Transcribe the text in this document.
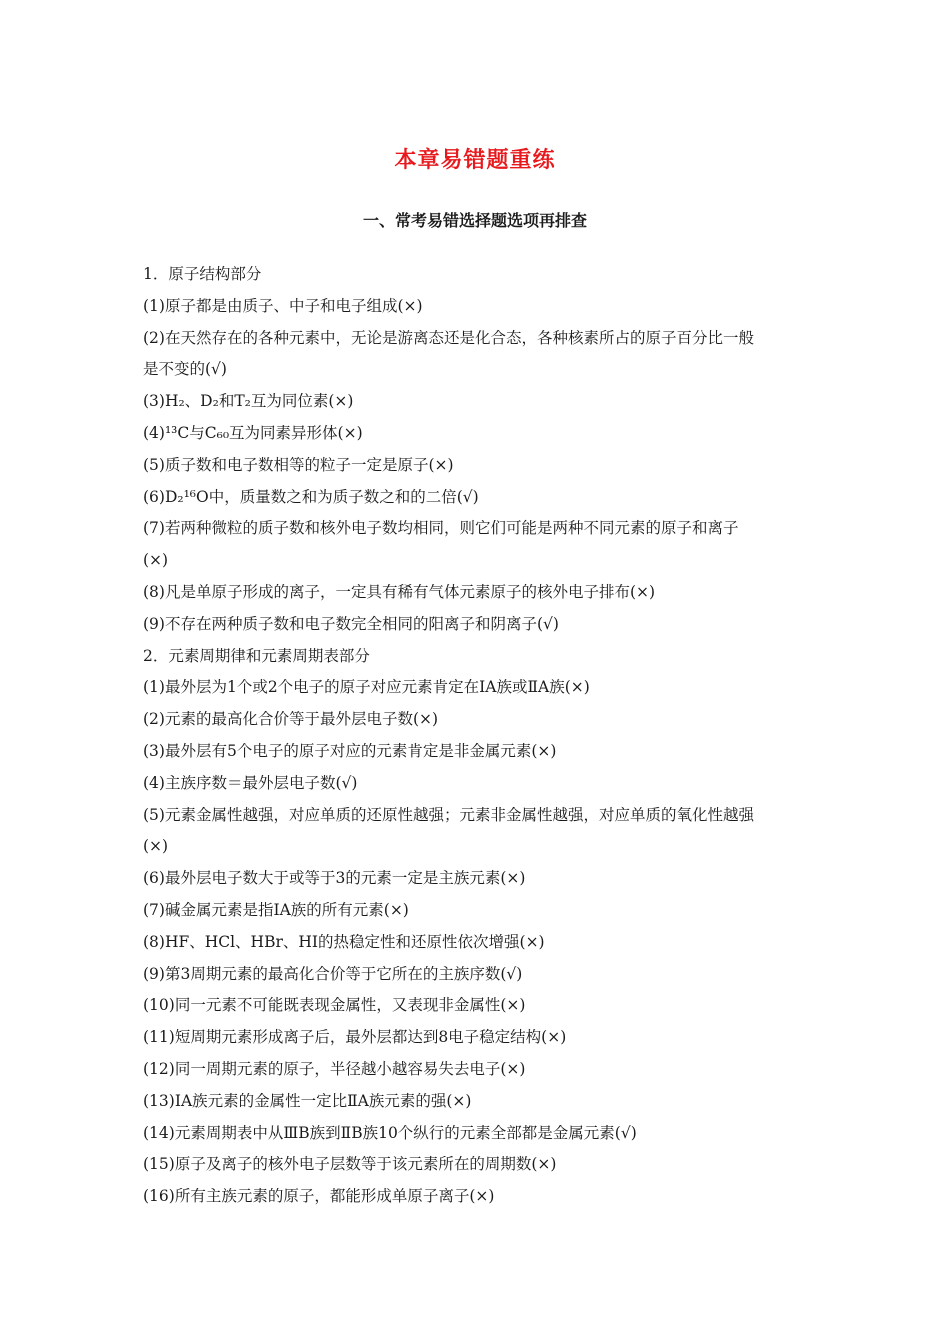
本章易错题重练
一、常考易错选择题选项再排查
1．原子结构部分
(1)原子都是由质子、中子和电子组成(×)
(2)在天然存在的各种元素中，无论是游离态还是化合态，各种核素所占的原子百分比一般
是不变的(√)
(3)H₂、D₂和T₂互为同位素(×)
(4)¹³C与C₆₀互为同素异形体(×)
(5)质子数和电子数相等的粒子一定是原子(×)
(6)D₂¹⁶O中，质量数之和为质子数之和的二倍(√)
(7)若两种微粒的质子数和核外电子数均相同，则它们可能是两种不同元素的原子和离子
(×)
(8)凡是单原子形成的离子，一定具有稀有气体元素原子的核外电子排布(×)
(9)不存在两种质子数和电子数完全相同的阳离子和阴离子(√)
2．元素周期律和元素周期表部分
(1)最外层为1个或2个电子的原子对应元素肯定在ⅠA族或ⅡA族(×)
(2)元素的最高化合价等于最外层电子数(×)
(3)最外层有5个电子的原子对应的元素肯定是非金属元素(×)
(4)主族序数＝最外层电子数(√)
(5)元素金属性越强，对应单质的还原性越强；元素非金属性越强，对应单质的氧化性越强
(×)
(6)最外层电子数大于或等于3的元素一定是主族元素(×)
(7)碱金属元素是指ⅠA族的所有元素(×)
(8)HF、HCl、HBr、HI的热稳定性和还原性依次增强(×)
(9)第3周期元素的最高化合价等于它所在的主族序数(√)
(10)同一元素不可能既表现金属性，又表现非金属性(×)
(11)短周期元素形成离子后，最外层都达到8电子稳定结构(×)
(12)同一周期元素的原子，半径越小越容易失去电子(×)
(13)ⅠA族元素的金属性一定比ⅡA族元素的强(×)
(14)元素周期表中从ⅢB族到ⅡB族10个纵行的元素全部都是金属元素(√)
(15)原子及离子的核外电子层数等于该元素所在的周期数(×)
(16)所有主族元素的原子，都能形成单原子离子(×)
